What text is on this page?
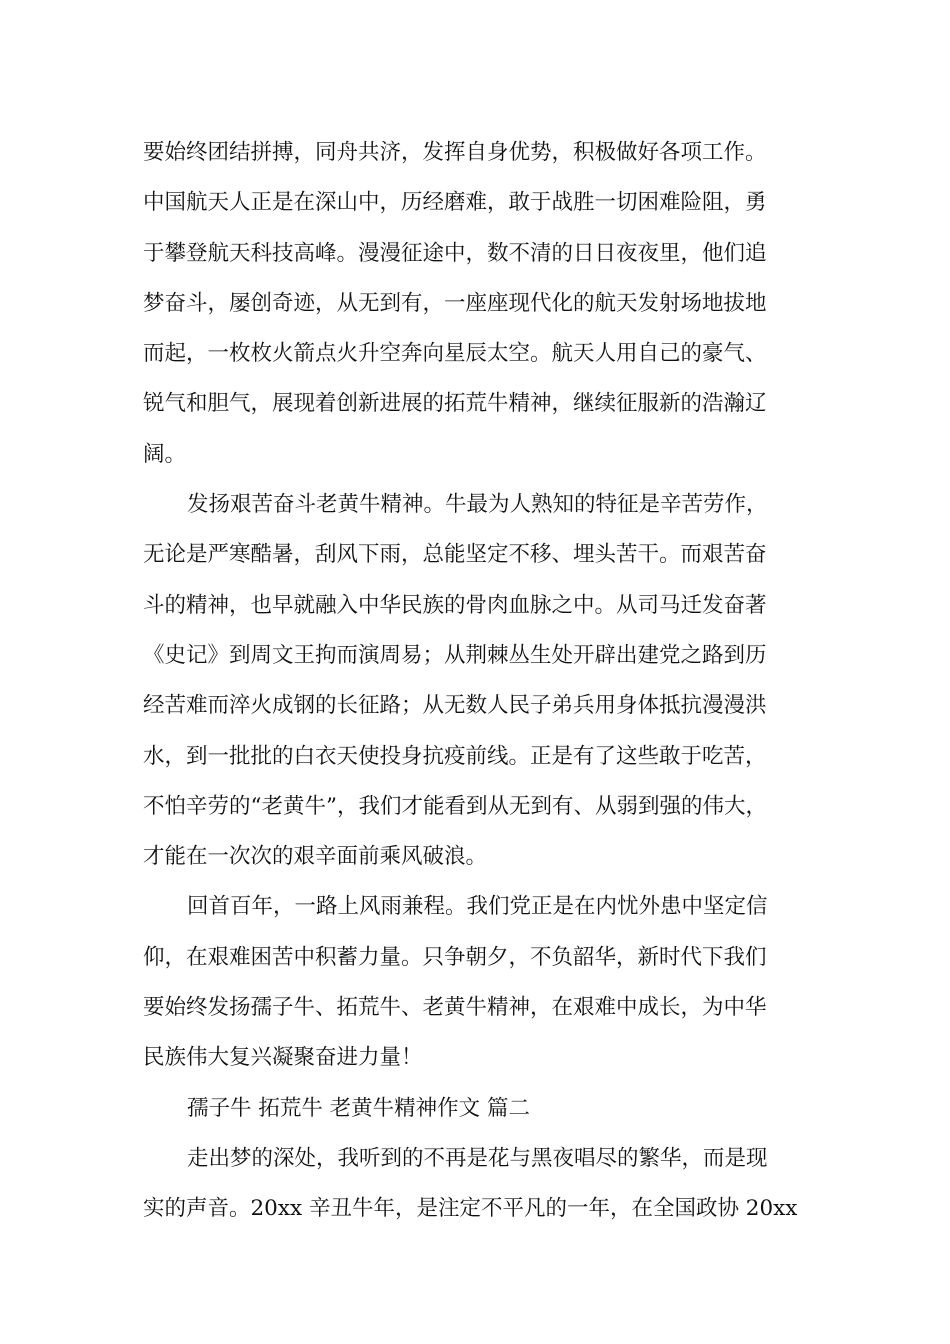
要始终团结拼搏，同舟共济，发挥自身优势，积极做好各项工作。
中国航天人正是在深山中，历经磨难，敢于战胜一切困难险阻，勇
于攀登航天科技高峰。漫漫征途中，数不清的日日夜夜里，他们追
梦奋斗，屡创奇迹，从无到有，一座座现代化的航天发射场地拔地
而起，一枚枚火箭点火升空奔向星辰太空。航天人用自己的豪气、
锐气和胆气，展现着创新进展的拓荒牛精神，继续征服新的浩瀚辽
阔。
发扬艰苦奋斗老黄牛精神。牛最为人熟知的特征是辛苦劳作，
无论是严寒酷暑，刮风下雨，总能坚定不移、埋头苦干。而艰苦奋
斗的精神，也早就融入中华民族的骨肉血脉之中。从司马迁发奋著
《史记》到周文王拘而演周易；从荆棘丛生处开辟出建党之路到历
经苦难而淬火成钢的长征路；从无数人民子弟兵用身体抵抗漫漫洪
水，到一批批的白衣天使投身抗疫前线。正是有了这些敢于吃苦，
不怕辛劳的“老黄牛”，我们才能看到从无到有、从弱到强的伟大，
才能在一次次的艰辛面前乘风破浪。
回首百年，一路上风雨兼程。我们党正是在内忧外患中坚定信
仰，在艰难困苦中积蓄力量。只争朝夕，不负韶华，新时代下我们
要始终发扬孺子牛、拓荒牛、老黄牛精神，在艰难中成长，为中华
民族伟大复兴凝聚奋进力量！
孺子牛 拓荒牛 老黄牛精神作文 篇二
走出梦的深处，我听到的不再是花与黑夜唱尽的繁华，而是现
实的声音。20xx 辛丑牛年，是注定不平凡的一年，在全国政协 20xx
